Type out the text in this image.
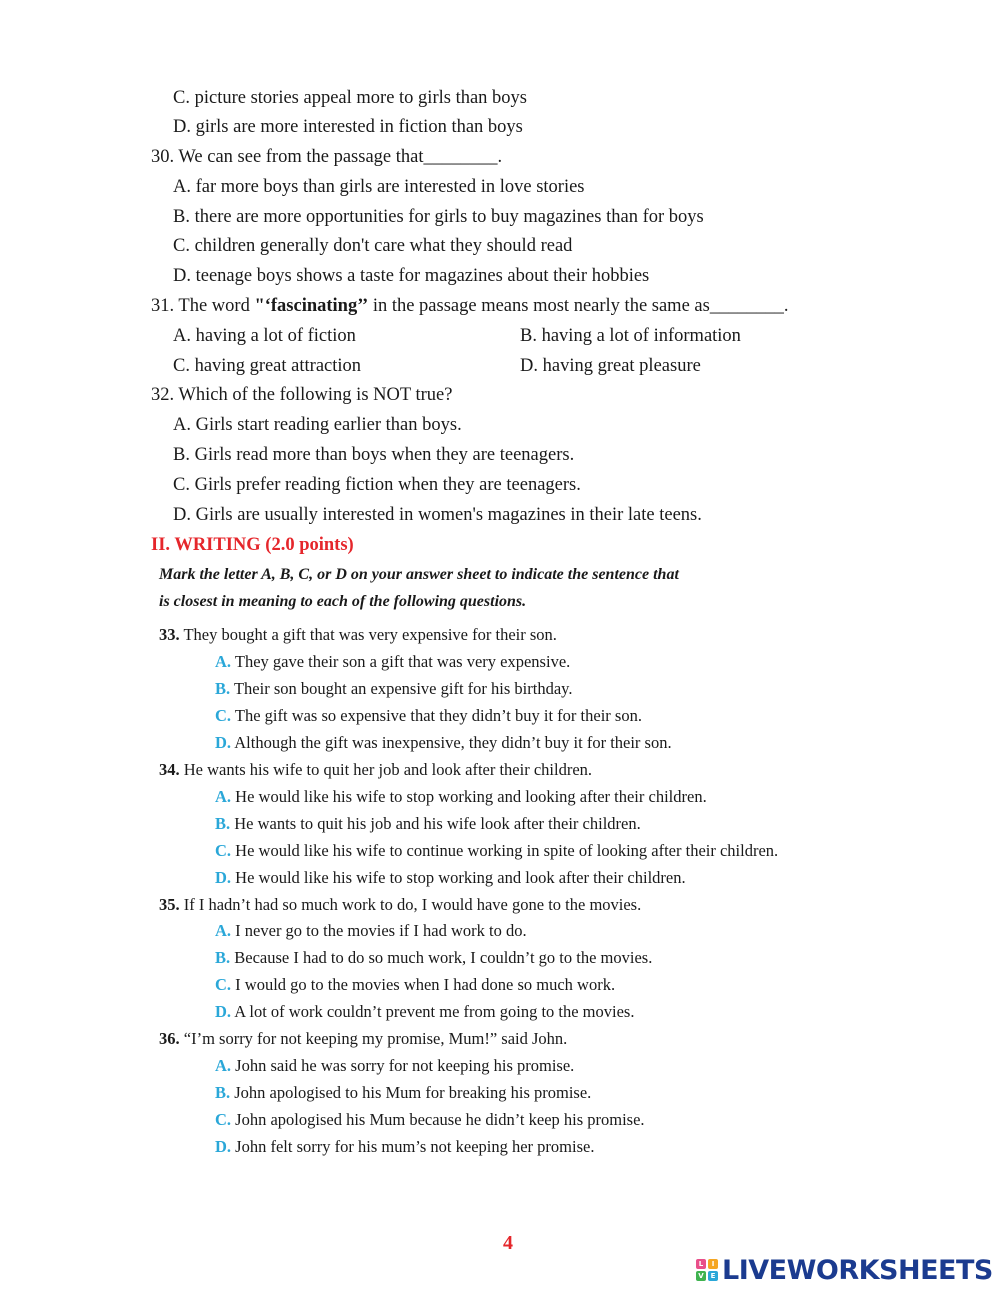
C. picture stories appeal more to girls than boys
D. girls are more interested in fiction than boys
30. We can see from the passage that________.
A. far more boys than girls are interested in love stories
B. there are more opportunities for girls to buy magazines than for boys
C. children generally don't care what they should read
D. teenage boys shows a taste for magazines about their hobbies
31. The word "‘fascinating’’ in the passage means most nearly the same as________.
A. having a lot of fiction	B. having a lot of information
C. having great attraction	D. having great pleasure
32. Which of the following is NOT true?
A. Girls start reading earlier than boys.
B. Girls read more than boys when they are teenagers.
C. Girls prefer reading fiction when they are teenagers.
D. Girls are usually interested in women's magazines in their late teens.
II. WRITING (2.0 points)
Mark the letter A, B, C, or D on your answer sheet to indicate the sentence that
is closest in meaning to each of the following questions.
33. They bought a gift that was very expensive for their son.
A. They gave their son a gift that was very expensive.
B. Their son bought an expensive gift for his birthday.
C. The gift was so expensive that they didn’t buy it for their son.
D. Although the gift was inexpensive, they didn’t buy it for their son.
34. He wants his wife to quit her job and look after their children.
A. He would like his wife to stop working and looking after their children.
B. He wants to quit his job and his wife look after their children.
C. He would like his wife to continue working in spite of looking after their children.
D. He would like his wife to stop working and look after their children.
35. If I hadn’t had so much work to do, I would have gone to the movies.
A. I never go to the movies if I had work to do.
B. Because I had to do so much work, I couldn’t go to the movies.
C. I would go to the movies when I had done so much work.
D. A lot of work couldn’t prevent me from going to the movies.
36. “I’m sorry for not keeping my promise, Mum!” said John.
A. John said he was sorry for not keeping his promise.
B. John apologised to his Mum for breaking his promise.
C. John apologised his Mum because he didn’t keep his promise.
D. John felt sorry for his mum’s not keeping her promise.
4
L	I
V E LIVEWORKSHEETS
